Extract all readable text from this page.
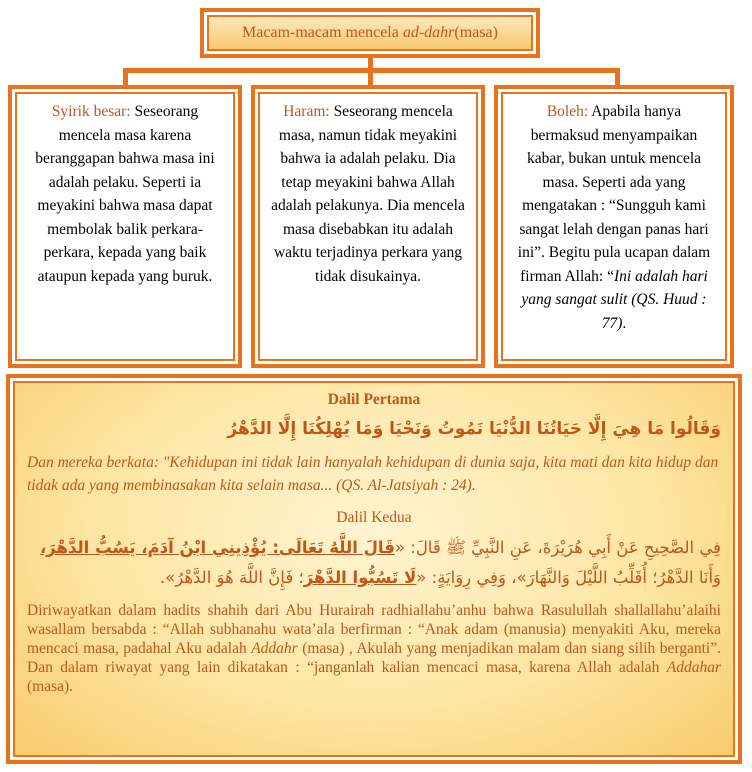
Macam-macam mencela
ad-dahr (masa)
Syirik besar: Seseorang mencela masa karena beranggapan bahwa masa ini adalah pelaku. Seperti ia meyakini bahwa masa dapat membolak balik perkara-perkara, kepada yang baik ataupun kepada yang buruk.
Haram: Seseorang mencela masa, namun tidak meyakini bahwa ia adalah pelaku. Dia tetap meyakini bahwa Allah adalah pelakunya. Dia mencela masa disebabkan itu adalah waktu terjadinya perkara yang tidak disukainya.
Boleh: Apabila hanya bermaksud menyampaikan kabar, bukan untuk mencela masa. Seperti ada yang mengatakan : “Sungguh kami sangat lelah dengan panas hari ini”. Begitu pula ucapan dalam firman Allah: “Ini adalah hari yang sangat sulit (QS. Huud : 77).
Dalil Pertama
وَقَالُوا مَا هِيَ إِلَّا حَيَاتُنَا الدُّنْيَا نَمُوتُ وَنَحْيَا وَمَا يُهْلِكُنَا إِلَّا الدَّهْرُ
Dan mereka berkata: "Kehidupan ini tidak lain hanyalah kehidupan di dunia saja, kita mati dan kita hidup dan tidak ada yang membinasakan kita selain masa... (QS. Al-Jatsiyah : 24).
Dalil Kedua
فِي الصَّحِيحِ عَنْ أَبِي هُرَيْرَةَ، عَنِ النَّبِيِّ ﷺ قَالَ: «قَالَ اللَّهُ تَعَالَى: يُؤْذِينِي ابْنُ آدَمَ، يَسُبُّ الدَّهْرَ، وَأَنَا الدَّهْرُ؛ أُقَلِّبُ اللَّيْلَ وَالنَّهَارَ»، وَفِي رِوَايَةٍ: «لَا تَسُبُّوا الدَّهْرَ؛ فَإِنَّ اللَّهَ هُوَ الدَّهْرُ».

Diriwayatkan dalam hadits shahih dari Abu Hurairah radhiallahu’anhu bahwa Rasulullah shallallahu’alaihi wasallam bersabda : “Allah subhanahu wata’ala berfirman : “Anak adam (manusia) menyakiti Aku, mereka mencaci masa, padahal Aku adalah Addahr (masa) , Akulah yang menjadikan malam dan siang silih berganti”. Dan dalam riwayat yang lain dikatakan : “janganlah kalian mencaci masa, karena Allah adalah Addahar (masa).
